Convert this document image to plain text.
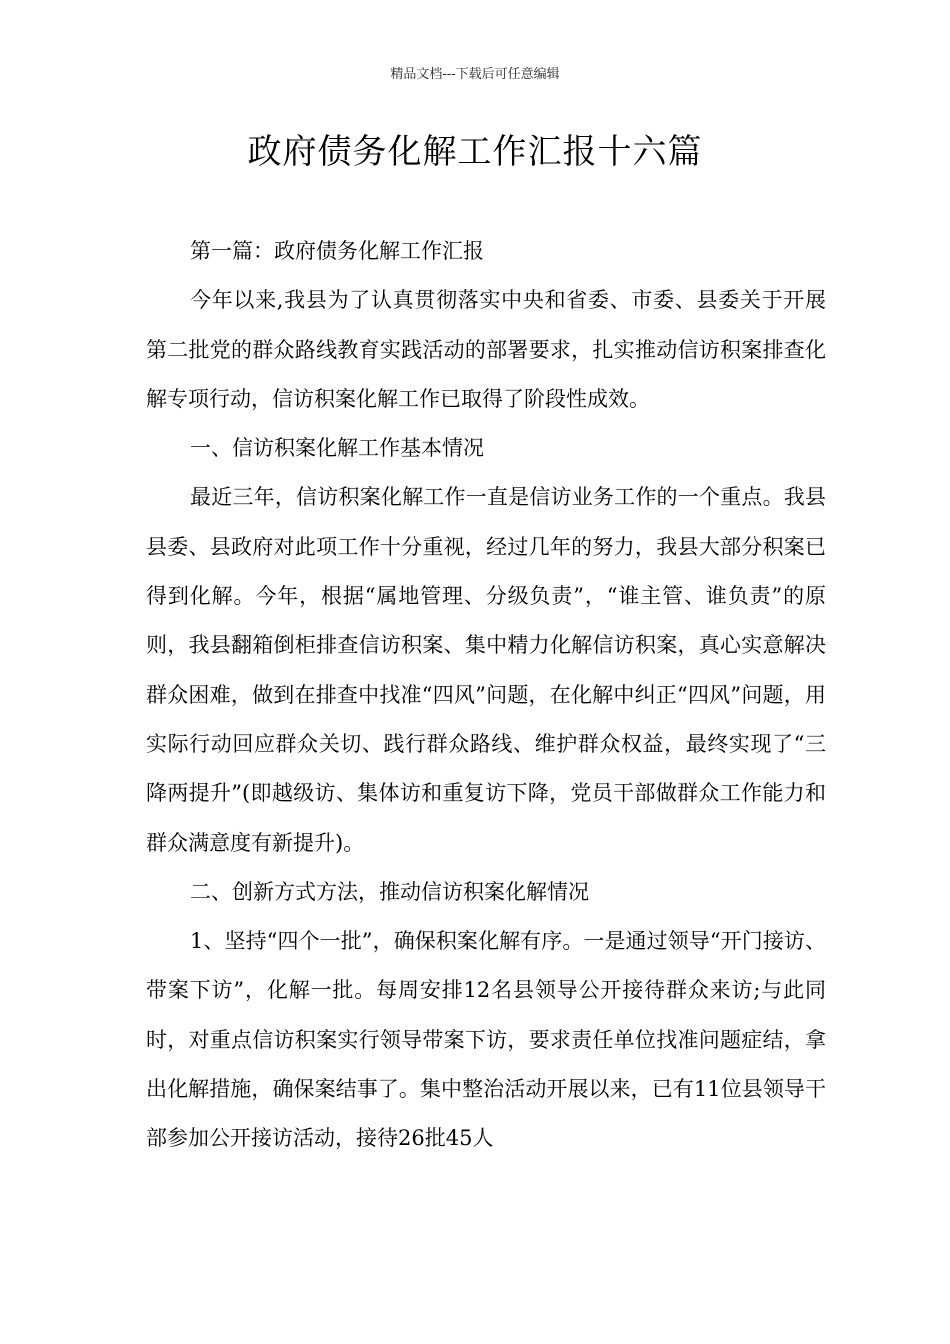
精品文档---下载后可任意编辑
政府债务化解工作汇报十六篇

第一篇：政府债务化解工作汇报

今年以来,我县为了认真贯彻落实中央和省委、市委、县委关于开展第二批党的群众路线教育实践活动的部署要求，扎实推动信访积案排查化解专项行动，信访积案化解工作已取得了阶段性成效。

一、信访积案化解工作基本情况

最近三年，信访积案化解工作一直是信访业务工作的一个重点。我县县委、县政府对此项工作十分重视，经过几年的努力，我县大部分积案已得到化解。今年，根据“属地管理、分级负责”，“谁主管、谁负责”的原则，我县翻箱倒柜排查信访积案、集中精力化解信访积案，真心实意解决群众困难，做到在排查中找准“四风”问题，在化解中纠正“四风”问题，用实际行动回应群众关切、践行群众路线、维护群众权益，最终实现了“三降两提升”(即越级访、集体访和重复访下降，党员干部做群众工作能力和群众满意度有新提升)。

二、创新方式方法，推动信访积案化解情况

1、坚持“四个一批”，确保积案化解有序。一是通过领导“开门接访、带案下访”，化解一批。每周安排12名县领导公开接待群众来访;与此同时，对重点信访积案实行领导带案下访，要求责任单位找准问题症结，拿出化解措施，确保案结事了。集中整治活动开展以来，已有11位县领导干部参加公开接访活动，接待26批45人
